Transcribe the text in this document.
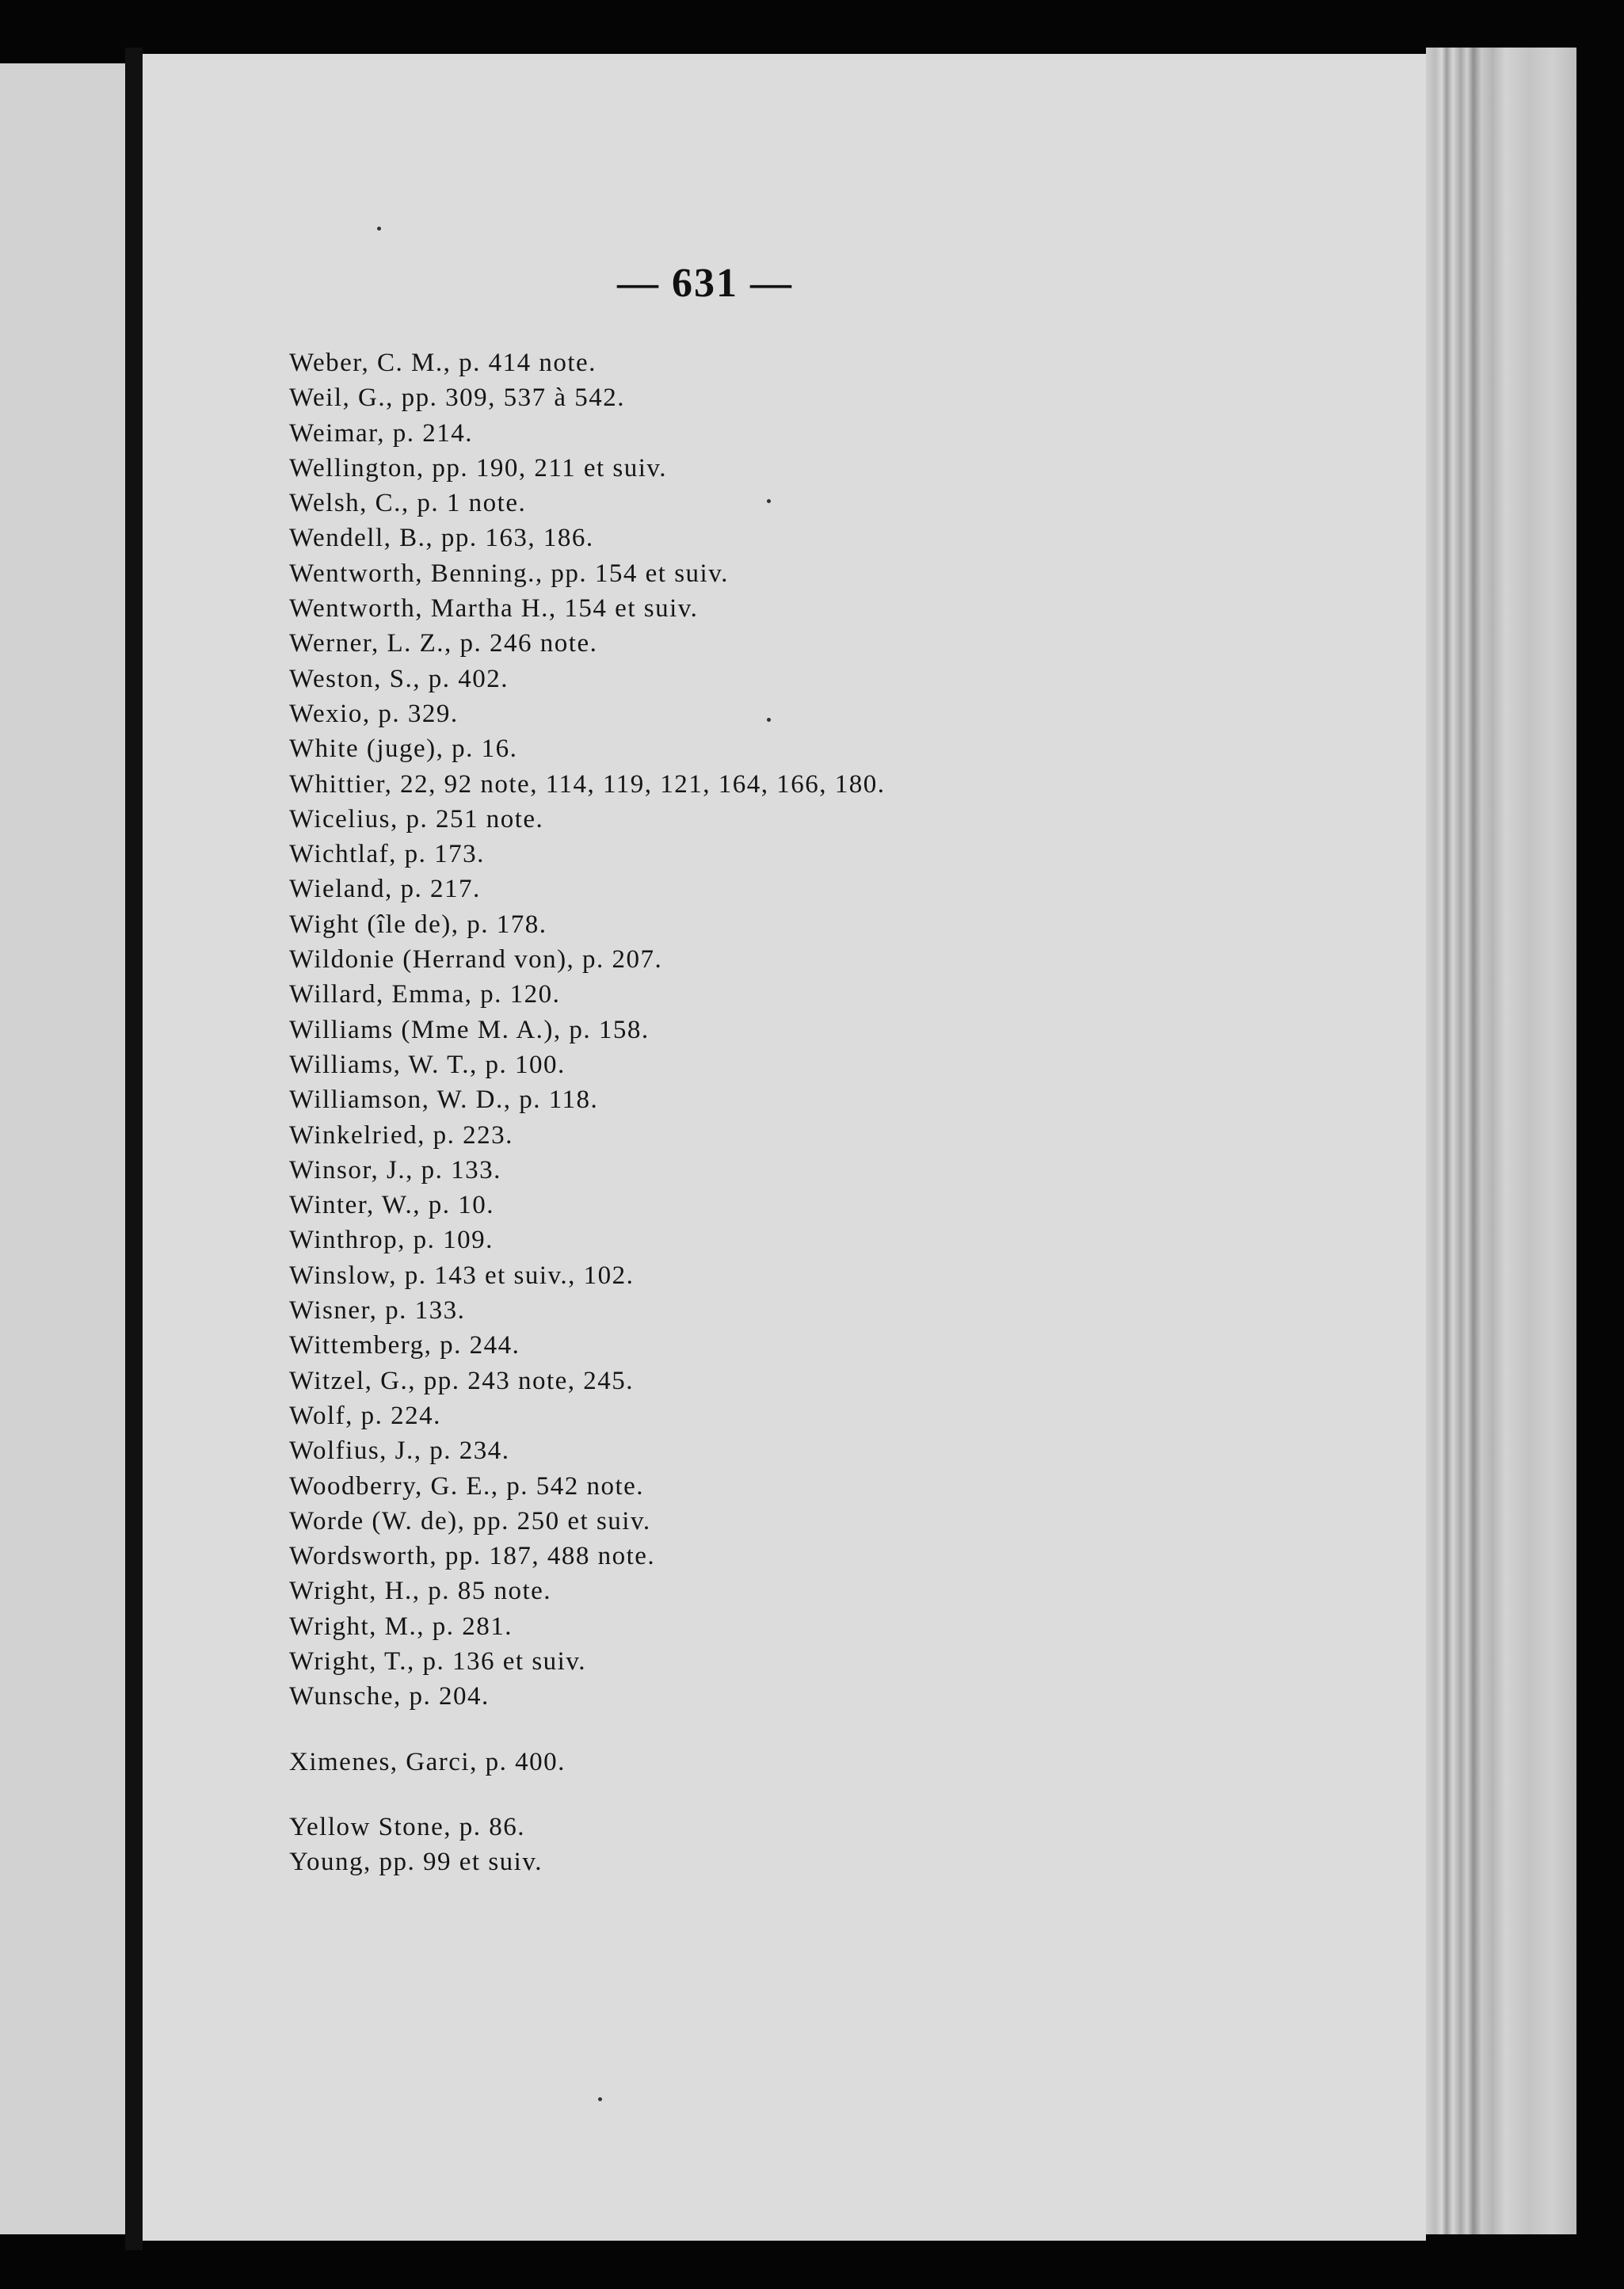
— 631 —
Weber, C. M., p. 414 note.
Weil, G., pp. 309, 537 à 542.
Weimar, p. 214.
Wellington, pp. 190, 211 et suiv.
Welsh, C., p. 1 note.
Wendell, B., pp. 163, 186.
Wentworth, Benning., pp. 154 et suiv.
Wentworth, Martha H., 154 et suiv.
Werner, L. Z., p. 246 note.
Weston, S., p. 402.
Wexio, p. 329.
White (juge), p. 16.
Whittier, 22, 92 note, 114, 119, 121, 164, 166, 180.
Wicelius, p. 251 note.
Wichtlaf, p. 173.
Wieland, p. 217.
Wight (île de), p. 178.
Wildonie (Herrand von), p. 207.
Willard, Emma, p. 120.
Williams (Mme M. A.), p. 158.
Williams, W. T., p. 100.
Williamson, W. D., p. 118.
Winkelried, p. 223.
Winsor, J., p. 133.
Winter, W., p. 10.
Winthrop, p. 109.
Winslow, p. 143 et suiv., 102.
Wisner, p. 133.
Wittemberg, p. 244.
Witzel, G., pp. 243 note, 245.
Wolf, p. 224.
Wolfius, J., p. 234.
Woodberry, G. E., p. 542 note.
Worde (W. de), pp. 250 et suiv.
Wordsworth, pp. 187, 488 note.
Wright, H., p. 85 note.
Wright, M., p. 281.
Wright, T., p. 136 et suiv.
Wunsche, p. 204.
Ximenes, Garci, p. 400.
Yellow Stone, p. 86.
Young, pp. 99 et suiv.
